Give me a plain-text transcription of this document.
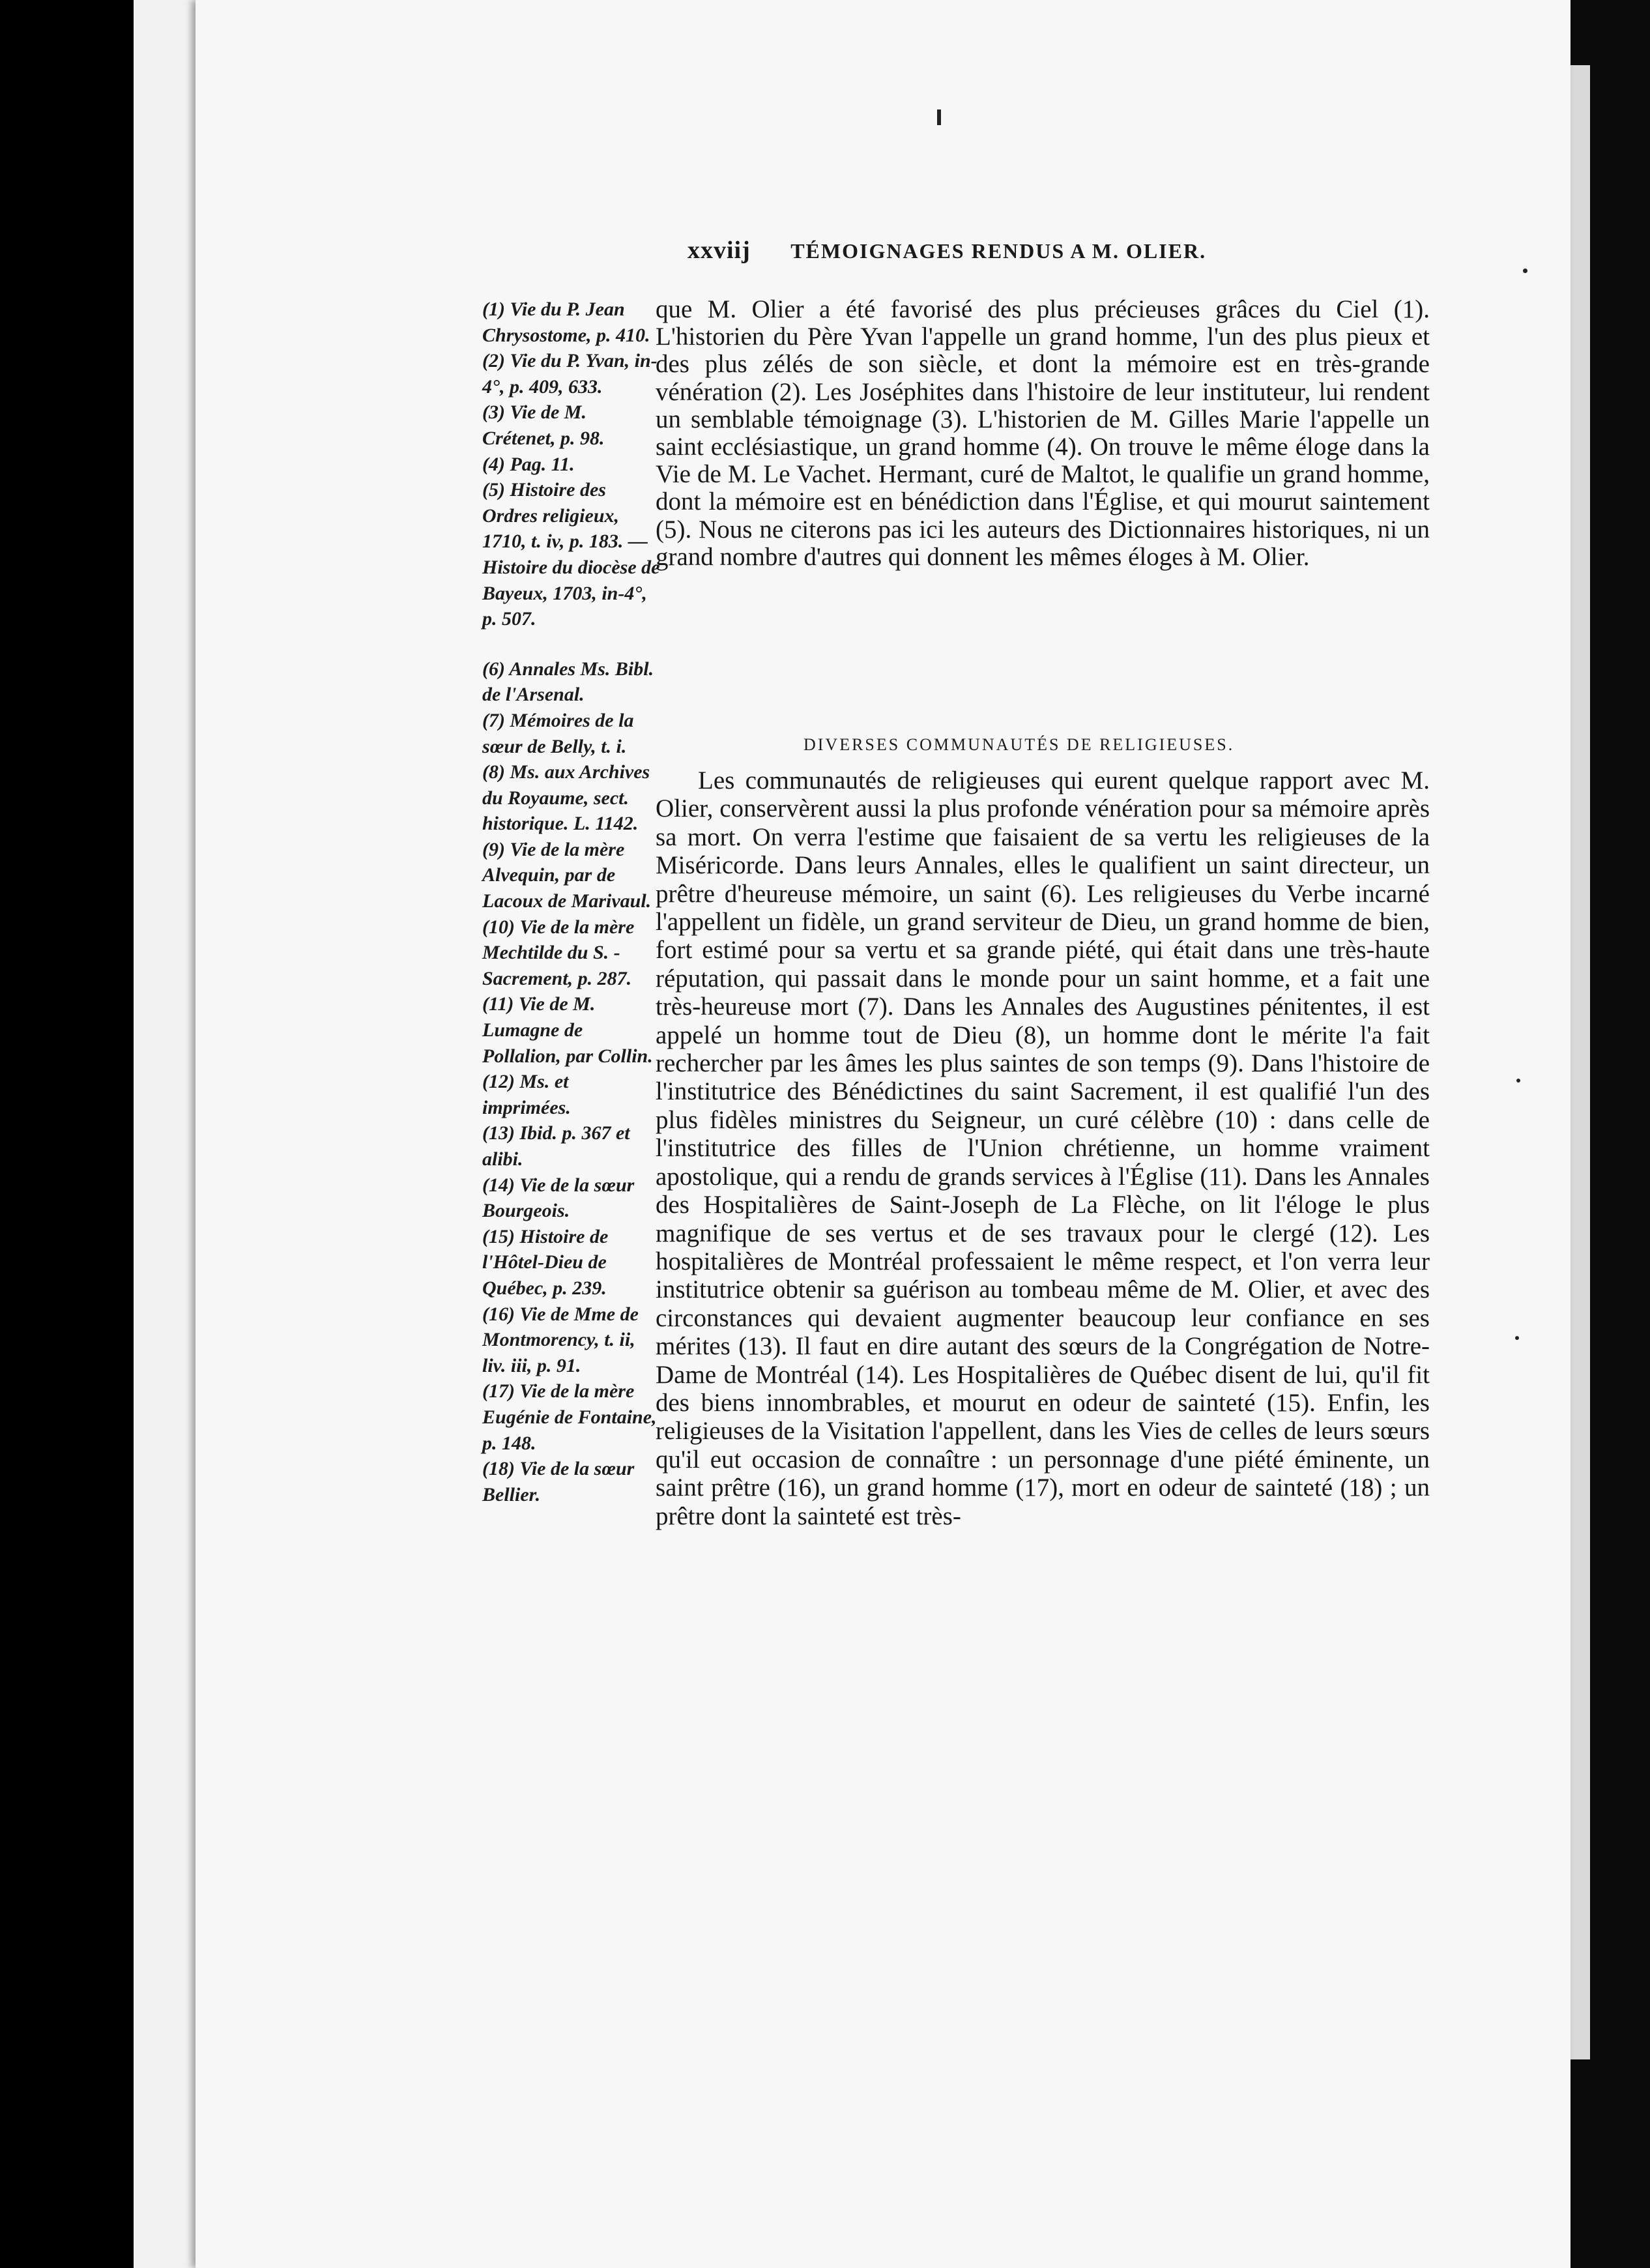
xxviij TÉMOIGNAGES RENDUS A M. OLIER.

(1) Vie du P. Jean Chrysostome, p. 410.

(2) Vie du P. Yvan, in-4°, p. 409, 633.

(3) Vie de M. Crétenet, p. 98.

(4) Pag. 11.

(5) Histoire des Ordres religieux, 1710, t. iv, p. 183. — Histoire du diocèse de Bayeux, 1703, in-4°, p. 507.

(6) Annales Ms. Bibl. de l'Arsenal.

(7) Mémoires de la sœur de Belly, t. i.

(8) Ms. aux Archives du Royaume, sect. historique. L. 1142.

(9) Vie de la mère Alvequin, par de Lacoux de Marivaul.

(10) Vie de la mère Mechtilde du S. - Sacrement, p. 287.

(11) Vie de M. Lumagne de Pollalion, par Collin.

(12) Ms. et imprimées.

(13) Ibid. p. 367 et alibi.

(14) Vie de la sœur Bourgeois.

(15) Histoire de l'Hôtel-Dieu de Québec, p. 239.

(16) Vie de Mme de Montmorency, t. ii, liv. iii, p. 91.

(17) Vie de la mère Eugénie de Fontaine, p. 148.

(18) Vie de la sœur Bellier.

que M. Olier a été favorisé des plus précieuses grâces du Ciel (1). L'historien du Père Yvan l'appelle un grand homme, l'un des plus pieux et des plus zélés de son siècle, et dont la mémoire est en très-grande vénération (2). Les Joséphites dans l'histoire de leur instituteur, lui rendent un semblable témoignage (3). L'historien de M. Gilles Marie l'appelle un saint ecclésiastique, un grand homme (4). On trouve le même éloge dans la Vie de M. Le Vachet. Hermant, curé de Maltot, le qualifie un grand homme, dont la mémoire est en bénédiction dans l'Église, et qui mourut saintement (5). Nous ne citerons pas ici les auteurs des Dictionnaires historiques, ni un grand nombre d'autres qui donnent les mêmes éloges à M. Olier.

DIVERSES COMMUNAUTÉS DE RELIGIEUSES.

Les communautés de religieuses qui eurent quelque rapport avec M. Olier, conservèrent aussi la plus profonde vénération pour sa mémoire après sa mort. On verra l'estime que faisaient de sa vertu les religieuses de la Miséricorde. Dans leurs Annales, elles le qualifient un saint directeur, un prêtre d'heureuse mémoire, un saint (6). Les religieuses du Verbe incarné l'appellent un fidèle, un grand serviteur de Dieu, un grand homme de bien, fort estimé pour sa vertu et sa grande piété, qui était dans une très-haute réputation, qui passait dans le monde pour un saint homme, et a fait une très-heureuse mort (7). Dans les Annales des Augustines pénitentes, il est appelé un homme tout de Dieu (8), un homme dont le mérite l'a fait rechercher par les âmes les plus saintes de son temps (9). Dans l'histoire de l'institutrice des Bénédictines du saint Sacrement, il est qualifié l'un des plus fidèles ministres du Seigneur, un curé célèbre (10) : dans celle de l'institutrice des filles de l'Union chrétienne, un homme vraiment apostolique, qui a rendu de grands services à l'Église (11). Dans les Annales des Hospitalières de Saint-Joseph de La Flèche, on lit l'éloge le plus magnifique de ses vertus et de ses travaux pour le clergé (12). Les hospitalières de Montréal professaient le même respect, et l'on verra leur institutrice obtenir sa guérison au tombeau même de M. Olier, et avec des circonstances qui devaient augmenter beaucoup leur confiance en ses mérites (13). Il faut en dire autant des sœurs de la Congrégation de Notre-Dame de Montréal (14). Les Hospitalières de Québec disent de lui, qu'il fit des biens innombrables, et mourut en odeur de sainteté (15). Enfin, les religieuses de la Visitation l'appellent, dans les Vies de celles de leurs sœurs qu'il eut occasion de connaître : un personnage d'une piété éminente, un saint prêtre (16), un grand homme (17), mort en odeur de sainteté (18) ; un prêtre dont la sainteté est très-
